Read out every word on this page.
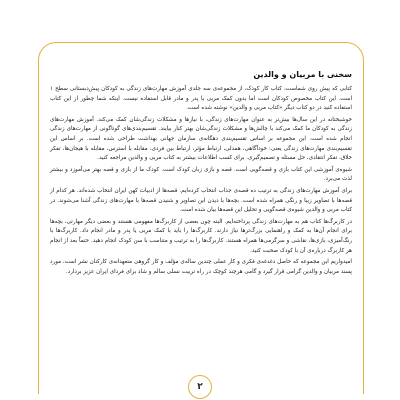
سخنی با مربیان و والدین

کتابی که پیش روی شماست، کتاب کار کودک، از مجموعه‌ی سه جلدی آموزش مهارت‌های زندگی به کودکان پیش‌دبستانی سطح ۱ است. این کتاب مخصوص کودکان است اما بدون کمک مربی یا پدر و مادر قابل استفاده نیست. اینکه شما چطور از این کتاب استفاده کنید در دو کتاب دیگر «کتاب مربی و والدین» نوشته شده است.

خوشبختانه در این سال‌ها بیش‌تر به عنوان مهارت‌های زندگی، با نیازها و مشکلات زندگی‌شان کمک می‌کند. آموزش مهارت‌های زندگی به کودکان ما کمک می‌کند با چالش‌ها و مشکلات زندگی‌شان بهتر کنار بیایند. تقسیم‌بندی‌های گوناگونی از مهارت‌های زندگی انجام شده است. این مجموعه بر اساس تقسیم‌بندی دهگانه‌ی سازمان جهانی بهداشت طراحی شده است. بر اساس این تقسیم‌بندی مهارت‌های زندگی یعنی: خودآگاهی، همدلی، ارتباط مؤثر، ارتباط بین فردی، مقابله با استرس، مقابله با هیجان‌ها، تفکر خلاق، تفکر انتقادی، حل مسئله و تصمیم‌گیری. برای کسب اطلاعات بیشتر به کتاب مربی و والدین مراجعه کنید.

شیوه‌ی آموزشی این کتاب بازی و قصه‌گویی است. قصه و بازی زبان کودک است. کودک ما از بازی و قصه بهتر می‌آموزد و بیشتر لذت می‌برد.

برای آموزش مهارت‌های زندگی به ترتیب ده قصه‌ی جذاب انتخاب کرده‌ایم. قصه‌ها از ادبیات کهن ایران انتخاب شده‌اند. هر کدام از قصه‌ها با تصاویر زیبا و رنگی همراه شده است. بچه‌ها با دیدن این تصاویر و شنیدن قصه‌ها با مهارت‌های زندگی آشنا می‌شوند. در کتاب مربی و والدین شیوه‌ی قصه‌گویی و تحلیل این قصه‌ها بیان شده است.

در کاربرگ‌ها کتاب هم به مهارت‌های زندگی پرداخته‌ایم. البته چون بعضی از کاربرگ‌ها مفهومی هستند و بعضی دیگر مهارتی، بچه‌ها برای انجام آن‌ها به کمک و راهنمایی بزرگ‌ترها نیاز دارند. کاربرگ‌ها را باید با کمک مربی یا پدر و مادر انجام داد. کاربرگ‌ها با رنگ‌آمیزی، بازی‌ها، نقاشی و سرگرمی‌ها همراه هستند. کاربرگ‌ها را به ترتیب و متناسب با سن کودک انجام دهید. حتماً بعد از انجام هر کاربرگ درباره‌ی آن با کودک صحبت کنید.

امیدواریم این مجموعه که حاصل دغدغه‌ی فکری و کار عملی چندین ساله‌ی مؤلف و کار گروهی متعهدانه‌ی کارکنان نشر است، مورد پسند مربیان و والدین گرامی قرار گیرد و گامی هرچند کوچک در راه تربیت نسلی سالم و شاد برای فردای ایران عزیز بردارد.

۲
